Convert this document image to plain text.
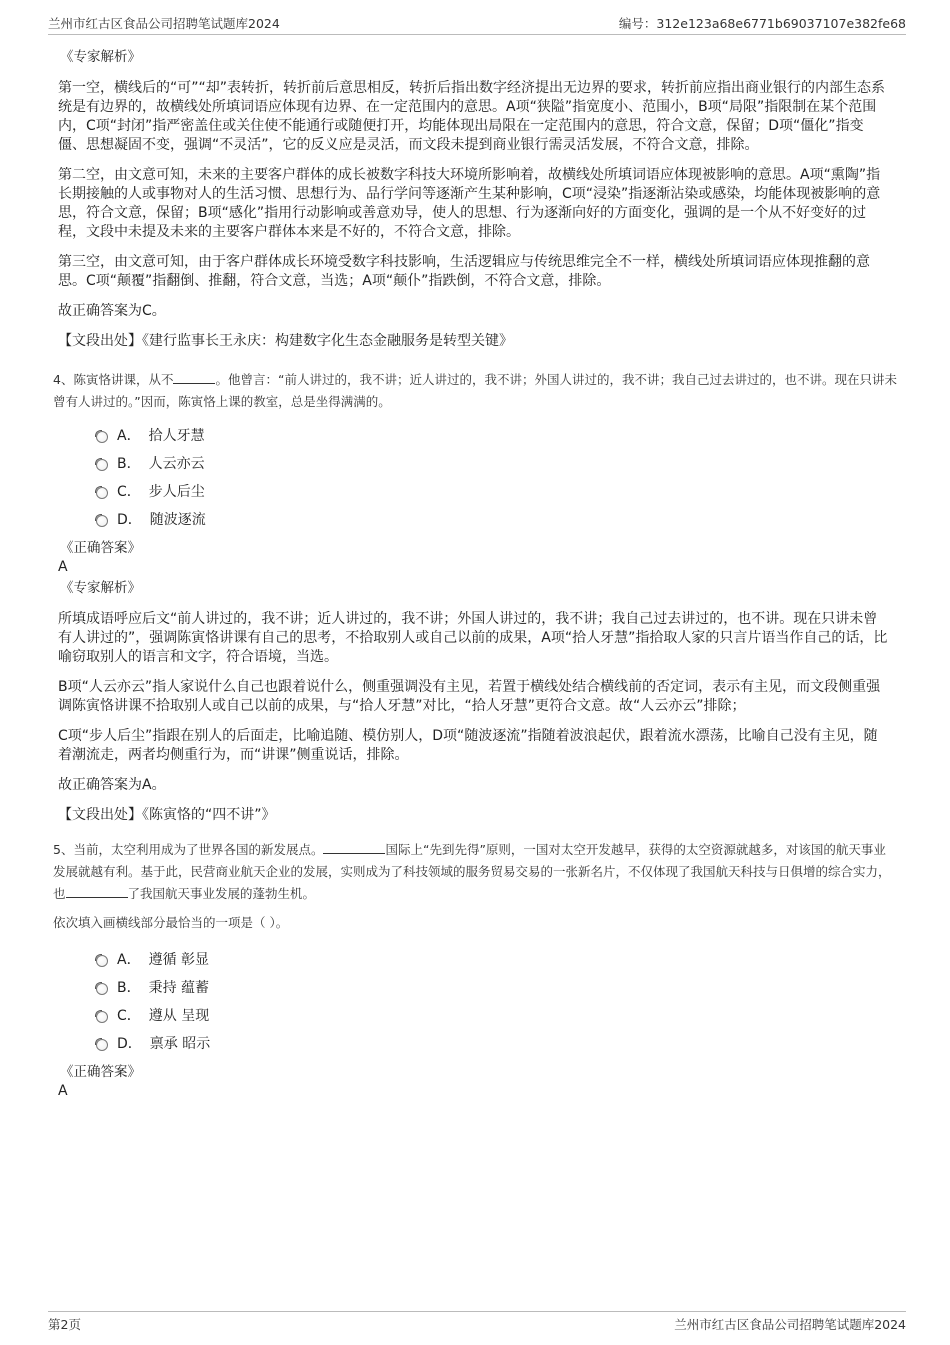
兰州市红古区食品公司招聘笔试题库2024	编号：312e123a68e6771b69037107e382fe68
《专家解析》

第一空，横线后的“可”“却”表转折，转折前后意思相反，转折后指出数字经济提出无边界的要求，转折前应指出商业银行的内部生态系统是有边界的，故横线处所填词语应体现有边界、在一定范围内的意思。A项“狭隘”指宽度小、范围小，B项“局限”指限制在某个范围内，C项“封闭”指严密盖住或关住使不能通行或随便打开，均能体现出局限在一定范围内的意思，符合文意，保留；D项“僵化”指变僵、思想凝固不变，强调“不灵活”，它的反义应是灵活，而文段未提到商业银行需灵活发展，不符合文意，排除。

第二空，由文意可知，未来的主要客户群体的成长被数字科技大环境所影响着，故横线处所填词语应体现被影响的意思。A项“熏陶”指长期接触的人或事物对人的生活习惯、思想行为、品行学问等逐渐产生某种影响，C项“浸染”指逐渐沾染或感染，均能体现被影响的意思，符合文意，保留；B项“感化”指用行动影响或善意劝导，使人的思想、行为逐渐向好的方面变化，强调的是一个从不好变好的过程，文段中未提及未来的主要客户群体本来是不好的，不符合文意，排除。

第三空，由文意可知，由于客户群体成长环境受数字科技影响，生活逻辑应与传统思维完全不一样，横线处所填词语应体现推翻的意思。C项“颠覆”指翻倒、推翻，符合文意，当选；A项“颠仆”指跌倒，不符合文意，排除。

故正确答案为C。

【文段出处】《建行监事长王永庆：构建数字化生态金融服务是转型关键》

4、陈寅恪讲课，从不	。他曾言：“前人讲过的，我不讲；近人讲过的，我不讲；外国人讲过的，我不讲；我自己过去讲过的，也不讲。现在只讲未曾有人讲过的。”因而，陈寅恪上课的教室，总是坐得满满的。

A． 拾人牙慧
B． 人云亦云
C． 步人后尘
D． 随波逐流
《正确答案》
A
《专家解析》

所填成语呼应后文“前人讲过的，我不讲；近人讲过的，我不讲；外国人讲过的，我不讲；我自己过去讲过的，也不讲。现在只讲未曾有人讲过的”，强调陈寅恪讲课有自己的思考，不拾取别人或自己以前的成果，A项“拾人牙慧”指拾取人家的只言片语当作自己的话，比喻窃取别人的语言和文字，符合语境，当选。

B项“人云亦云”指人家说什么自己也跟着说什么，侧重强调没有主见，若置于横线处结合横线前的否定词，表示有主见，而文段侧重强调陈寅恪讲课不拾取别人或自己以前的成果，与“拾人牙慧”对比，“拾人牙慧”更符合文意。故“人云亦云”排除；

C项“步人后尘”指跟在别人的后面走，比喻追随、模仿别人，D项“随波逐流”指随着波浪起伏，跟着流水漂荡，比喻自己没有主见，随着潮流走，两者均侧重行为，而“讲课”侧重说话，排除。

故正确答案为A。

【文段出处】《陈寅恪的“四不讲”》

5、当前，太空利用成为了世界各国的新发展点。	国际上“先到先得”原则，一国对太空开发越早，获得的太空资源就越多，对该国的航天事业发展就越有利。基于此，民营商业航天企业的发展，实则成为了科技领域的服务贸易交易的一张新名片，不仅体现了我国航天科技与日俱增的综合实力，也	了我国航天事业发展的蓬勃生机。

依次填入画横线部分最恰当的一项是（ ）。

A． 遵循 彰显
B． 秉持 蕴蓄
C． 遵从 呈现
D． 禀承 昭示
《正确答案》
A
第2页	兰州市红古区食品公司招聘笔试题库2024
